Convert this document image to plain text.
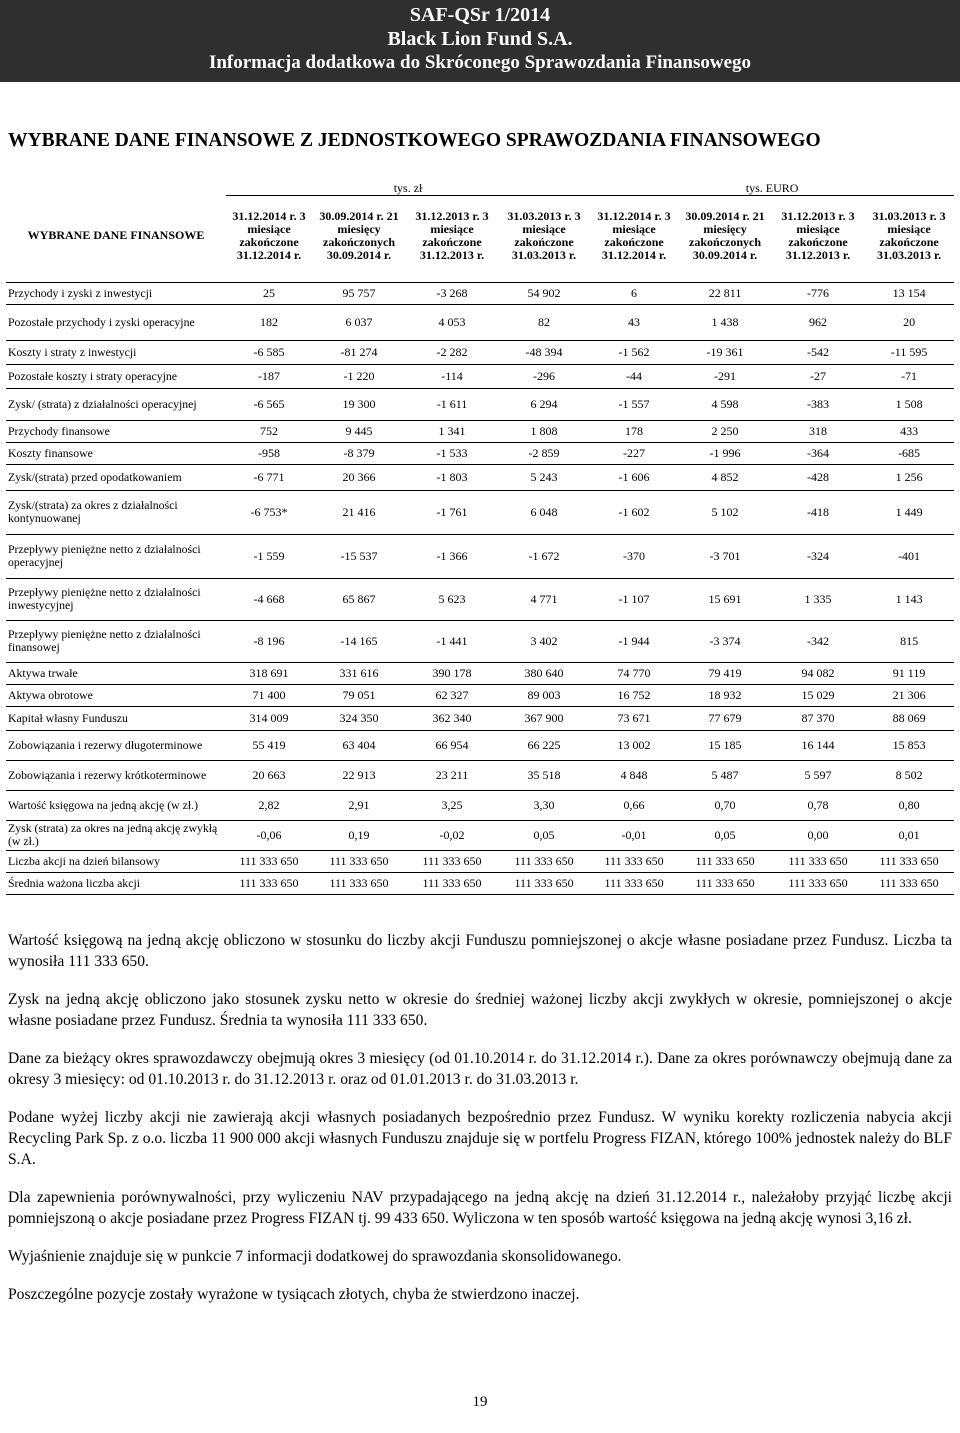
SAF-QSr 1/2014
Black Lion Fund S.A.
Informacja dodatkowa do Skróconego Sprawozdania Finansowego
WYBRANE DANE FINANSOWE Z JEDNOSTKOWEGO SPRAWOZDANIA FINANSOWEGO
	tys. zł				tys. EURO			
WYBRANE DANE FINANSOWE	31.12.2014 r. 3 miesiące zakończone 31.12.2014 r.	30.09.2014 r. 21 miesięcy zakończonych 30.09.2014 r.	31.12.2013 r. 3 miesiące zakończone 31.12.2013 r.	31.03.2013 r. 3 miesiące zakończone 31.03.2013 r.	31.12.2014 r. 3 miesiące zakończone 31.12.2014 r.	30.09.2014 r. 21 miesięcy zakończonych 30.09.2014 r.	31.12.2013 r. 3 miesiące zakończone 31.12.2013 r.	31.03.2013 r. 3 miesiące zakończone 31.03.2013 r.

Przychody i zyski z inwestycji	25	95 757	-3 268	54 902	6	22 811	-776	13 154
Pozostałe przychody i zyski operacyjne	182	6 037	4 053	82	43	1 438	962	20
Koszty i straty z inwestycji	-6 585	-81 274	-2 282	-48 394	-1 562	-19 361	-542	-11 595
Pozostałe koszty i straty operacyjne	-187	-1 220	-114	-296	-44	-291	-27	-71
Zysk/ (strata) z działalności operacyjnej	-6 565	19 300	-1 611	6 294	-1 557	4 598	-383	1 508
Przychody finansowe	752	9 445	1 341	1 808	178	2 250	318	433
Koszty finansowe	-958	-8 379	-1 533	-2 859	-227	-1 996	-364	-685
Zysk/(strata) przed opodatkowaniem	-6 771	20 366	-1 803	5 243	-1 606	4 852	-428	1 256
Zysk/(strata) za okres z działalności kontynuowanej	-6 753*	21 416	-1 761	6 048	-1 602	5 102	-418	1 449
Przepływy pieniężne netto z działalności operacyjnej	-1 559	-15 537	-1 366	-1 672	-370	-3 701	-324	-401
Przepływy pieniężne netto z działalności inwestycyjnej	-4 668	65 867	5 623	4 771	-1 107	15 691	1 335	1 143
Przepływy pieniężne netto z działalności finansowej	-8 196	-14 165	-1 441	3 402	-1 944	-3 374	-342	815
Aktywa trwałe	318 691	331 616	390 178	380 640	74 770	79 419	94 082	91 119
Aktywa obrotowe	71 400	79 051	62 327	89 003	16 752	18 932	15 029	21 306
Kapitał własny Funduszu	314 009	324 350	362 340	367 900	73 671	77 679	87 370	88 069
Zobowiązania i rezerwy długoterminowe	55 419	63 404	66 954	66 225	13 002	15 185	16 144	15 853
Zobowiązania i rezerwy krótkoterminowe	20 663	22 913	23 211	35 518	4 848	5 487	5 597	8 502
Wartość księgowa na jedną akcję (w zł.)	2,82	2,91	3,25	3,30	0,66	0,70	0,78	0,80
Zysk (strata) za okres na jedną akcję zwykłą (w zł.)	-0,06	0,19	-0,02	0,05	-0,01	0,05	0,00	0,01
Liczba akcji na dzień bilansowy	111 333 650	111 333 650	111 333 650	111 333 650	111 333 650	111 333 650	111 333 650	111 333 650
Średnia ważona liczba akcji	111 333 650	111 333 650	111 333 650	111 333 650	111 333 650	111 333 650	111 333 650	111 333 650

Wartość księgową na jedną akcję obliczono w stosunku do liczby akcji Funduszu pomniejszonej o akcje własne posiadane przez Fundusz. Liczba ta wynosiła 111 333 650.

Zysk na jedną akcję obliczono jako stosunek zysku netto w okresie do średniej ważonej liczby akcji zwykłych w okresie, pomniejszonej o akcje własne posiadane przez Fundusz. Średnia ta wynosiła 111 333 650.

Dane za bieżący okres sprawozdawczy obejmują okres 3 miesięcy (od 01.10.2014 r. do 31.12.2014 r.). Dane za okres porównawczy obejmują dane za okresy 3 miesięcy: od 01.10.2013 r. do 31.12.2013 r. oraz od 01.01.2013 r. do 31.03.2013 r.

Podane wyżej liczby akcji nie zawierają akcji własnych posiadanych bezpośrednio przez Fundusz. W wyniku korekty rozliczenia nabycia akcji Recycling Park Sp. z o.o. liczba 11 900 000 akcji własnych Funduszu znajduje się w portfelu Progress FIZAN, którego 100% jednostek należy do BLF S.A.

Dla zapewnienia porównywalności, przy wyliczeniu NAV przypadającego na jedną akcję na dzień 31.12.2014 r., należałoby przyjąć liczbę akcji pomniejszoną o akcje posiadane przez Progress FIZAN tj. 99 433 650. Wyliczona w ten sposób wartość księgowa na jedną akcję wynosi 3,16 zł.

Wyjaśnienie znajduje się w punkcie 7 informacji dodatkowej do sprawozdania skonsolidowanego.

Poszczególne pozycje zostały wyrażone w tysiącach złotych, chyba że stwierdzono inaczej.

19
